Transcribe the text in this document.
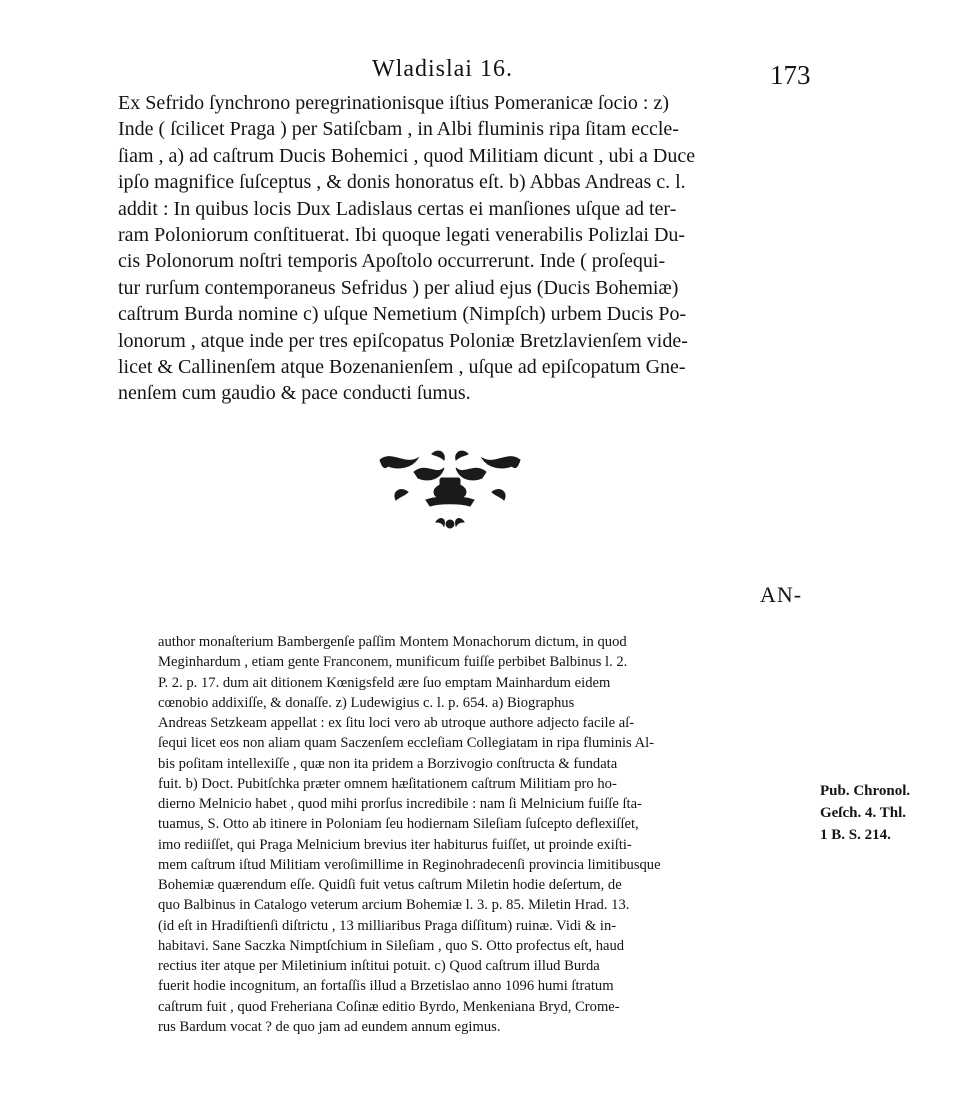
Wladislai 16.	173
Ex Sefrido ſynchrono peregrinationisque iſtius Pomeranicæ ſocio : z)
Inde ( ſcilicet Praga ) per Satiſcbam , in Albi fluminis ripa ſitam eccle-
ſiam , a) ad caſtrum Ducis Bohemici , quod Militiam dicunt , ubi a Duce
ipſo magnifice ſuſceptus , & donis honoratus eſt. b) Abbas Andreas c. l.
addit : In quibus locis Dux Ladislaus certas ei manſiones uſque ad ter-
ram Poloniorum conſtituerat. Ibi quoque legati venerabilis Polizlai Du-
cis Polonorum noſtri temporis Apoſtolo occurrerunt. Inde ( proſequi-
tur rurſum contemporaneus Sefridus ) per aliud ejus (Ducis Bohemiæ)
caſtrum Burda nomine c) uſque Nemetium (Nimpſch) urbem Ducis Po-
lonorum , atque inde per tres epiſcopatus Poloniæ Bretzlavienſem vide-
licet & Callinenſem atque Bozenanienſem , uſque ad epiſcopatum Gne-
nenſem cum gaudio & pace conducti ſumus.
AN-
author monaſterium Bambergenſe paſſim Montem Monachorum dictum, in quod
Meginhardum , etiam gente Franconem, munificum fuiſſe perbibet Balbinus l. 2.
P. 2. p. 17. dum ait ditionem Kœnigsfeld ære ſuo emptam Mainhardum eidem
cœnobio addixiſſe, & donaſſe. z) Ludewigius c. l. p. 654. a) Biographus
Andreas Setzkeam appellat : ex ſitu loci vero ab utroque authore adjecto facile aſ-
ſequi licet eos non aliam quam Saczenſem eccleſiam Collegiatam in ripa fluminis Al-
bis poſitam intellexiſſe , quæ non ita pridem a Borzivogio conſtructa & fundata
fuit. b) Doct. Pubitſchka præter omnem hæſitationem caſtrum Militiam pro ho-
dierno Melnicio habet , quod mihi prorſus incredibile : nam ſi Melnicium fuiſſe ſta-
tuamus, S. Otto ab itinere in Poloniam ſeu hodiernam Sileſiam ſuſcepto deflexiſſet,
imo rediiſſet, qui Praga Melnicium brevius iter habiturus fuiſſet, ut proinde exiſti-
mem caſtrum iſtud Militiam veroſimillime in Reginohradecenſi provincia limitibusque
Bohemiæ quærendum eſſe. Quidſi fuit vetus caſtrum Miletin hodie deſertum, de
quo Balbinus in Catalogo veterum arcium Bohemiæ l. 3. p. 85. Miletin Hrad. 13.
(id eſt in Hradiſtienſi diſtrictu , 13 milliaribus Praga diſſitum) ruinæ. Vidi & in-
habitavi. Sane Saczka Nimptſchium in Sileſiam , quo S. Otto profectus eſt, haud
rectius iter atque per Miletinium inſtitui potuit. c) Quod caſtrum illud Burda
fuerit hodie incognitum, an fortaſſis illud a Brzetislao anno 1096 humi ſtratum
caſtrum fuit , quod Freheriana Coſinæ editio Byrdo, Menkeniana Bryd, Crome-
rus Bardum vocat ? de quo jam ad eundem annum egimus.
Pub. Chronol.
Geſch. 4. Thl.
1 B. S. 214.
